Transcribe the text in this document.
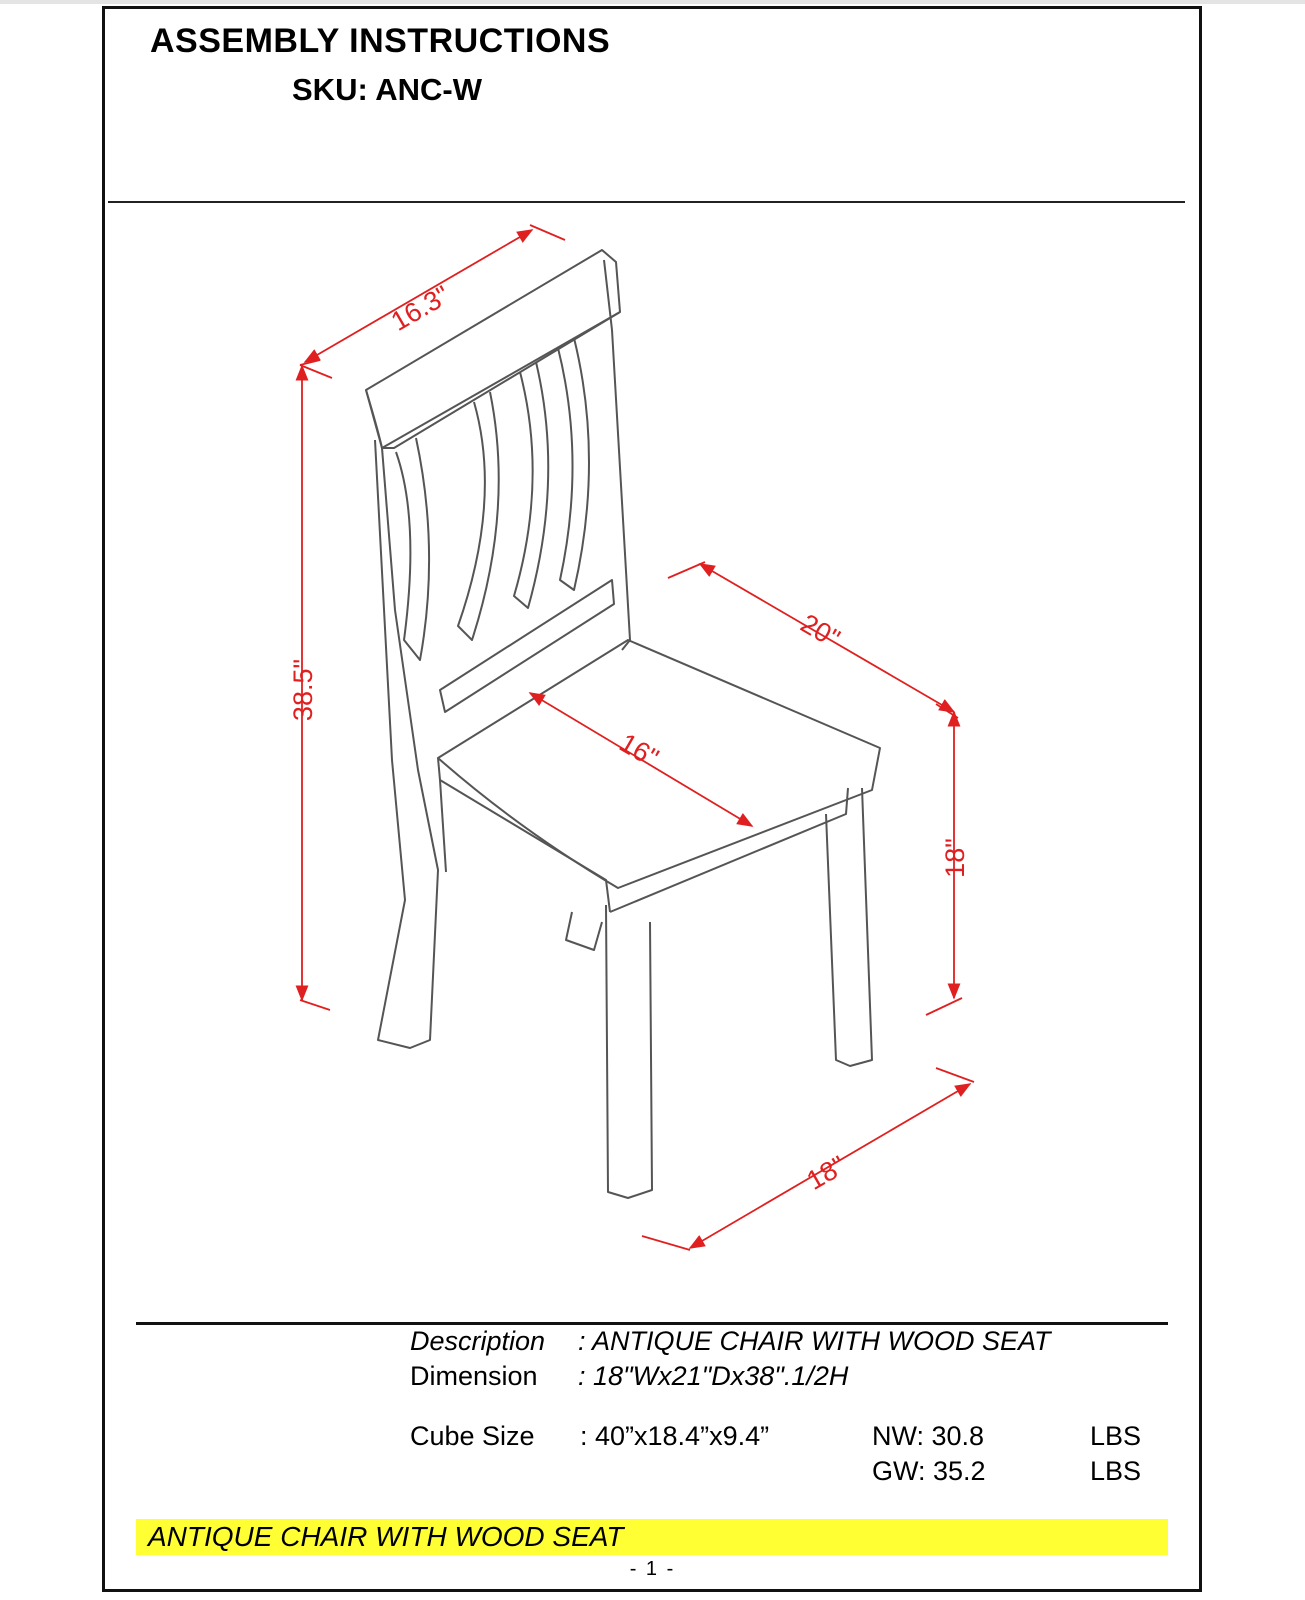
ASSEMBLY INSTRUCTIONS
SKU: ANC-W
16.3"
38.5"
20"
16"
18"
18"
Description : ANTIQUE CHAIR WITH WOOD SEAT
Dimension : 18"Wx21"Dx38".1/2H
Cube Size : 40”x18.4”x9.4”	NW: 30.8	LBS
GW: 35.2	LBS
ANTIQUE CHAIR WITH WOOD SEAT
- 1 -
